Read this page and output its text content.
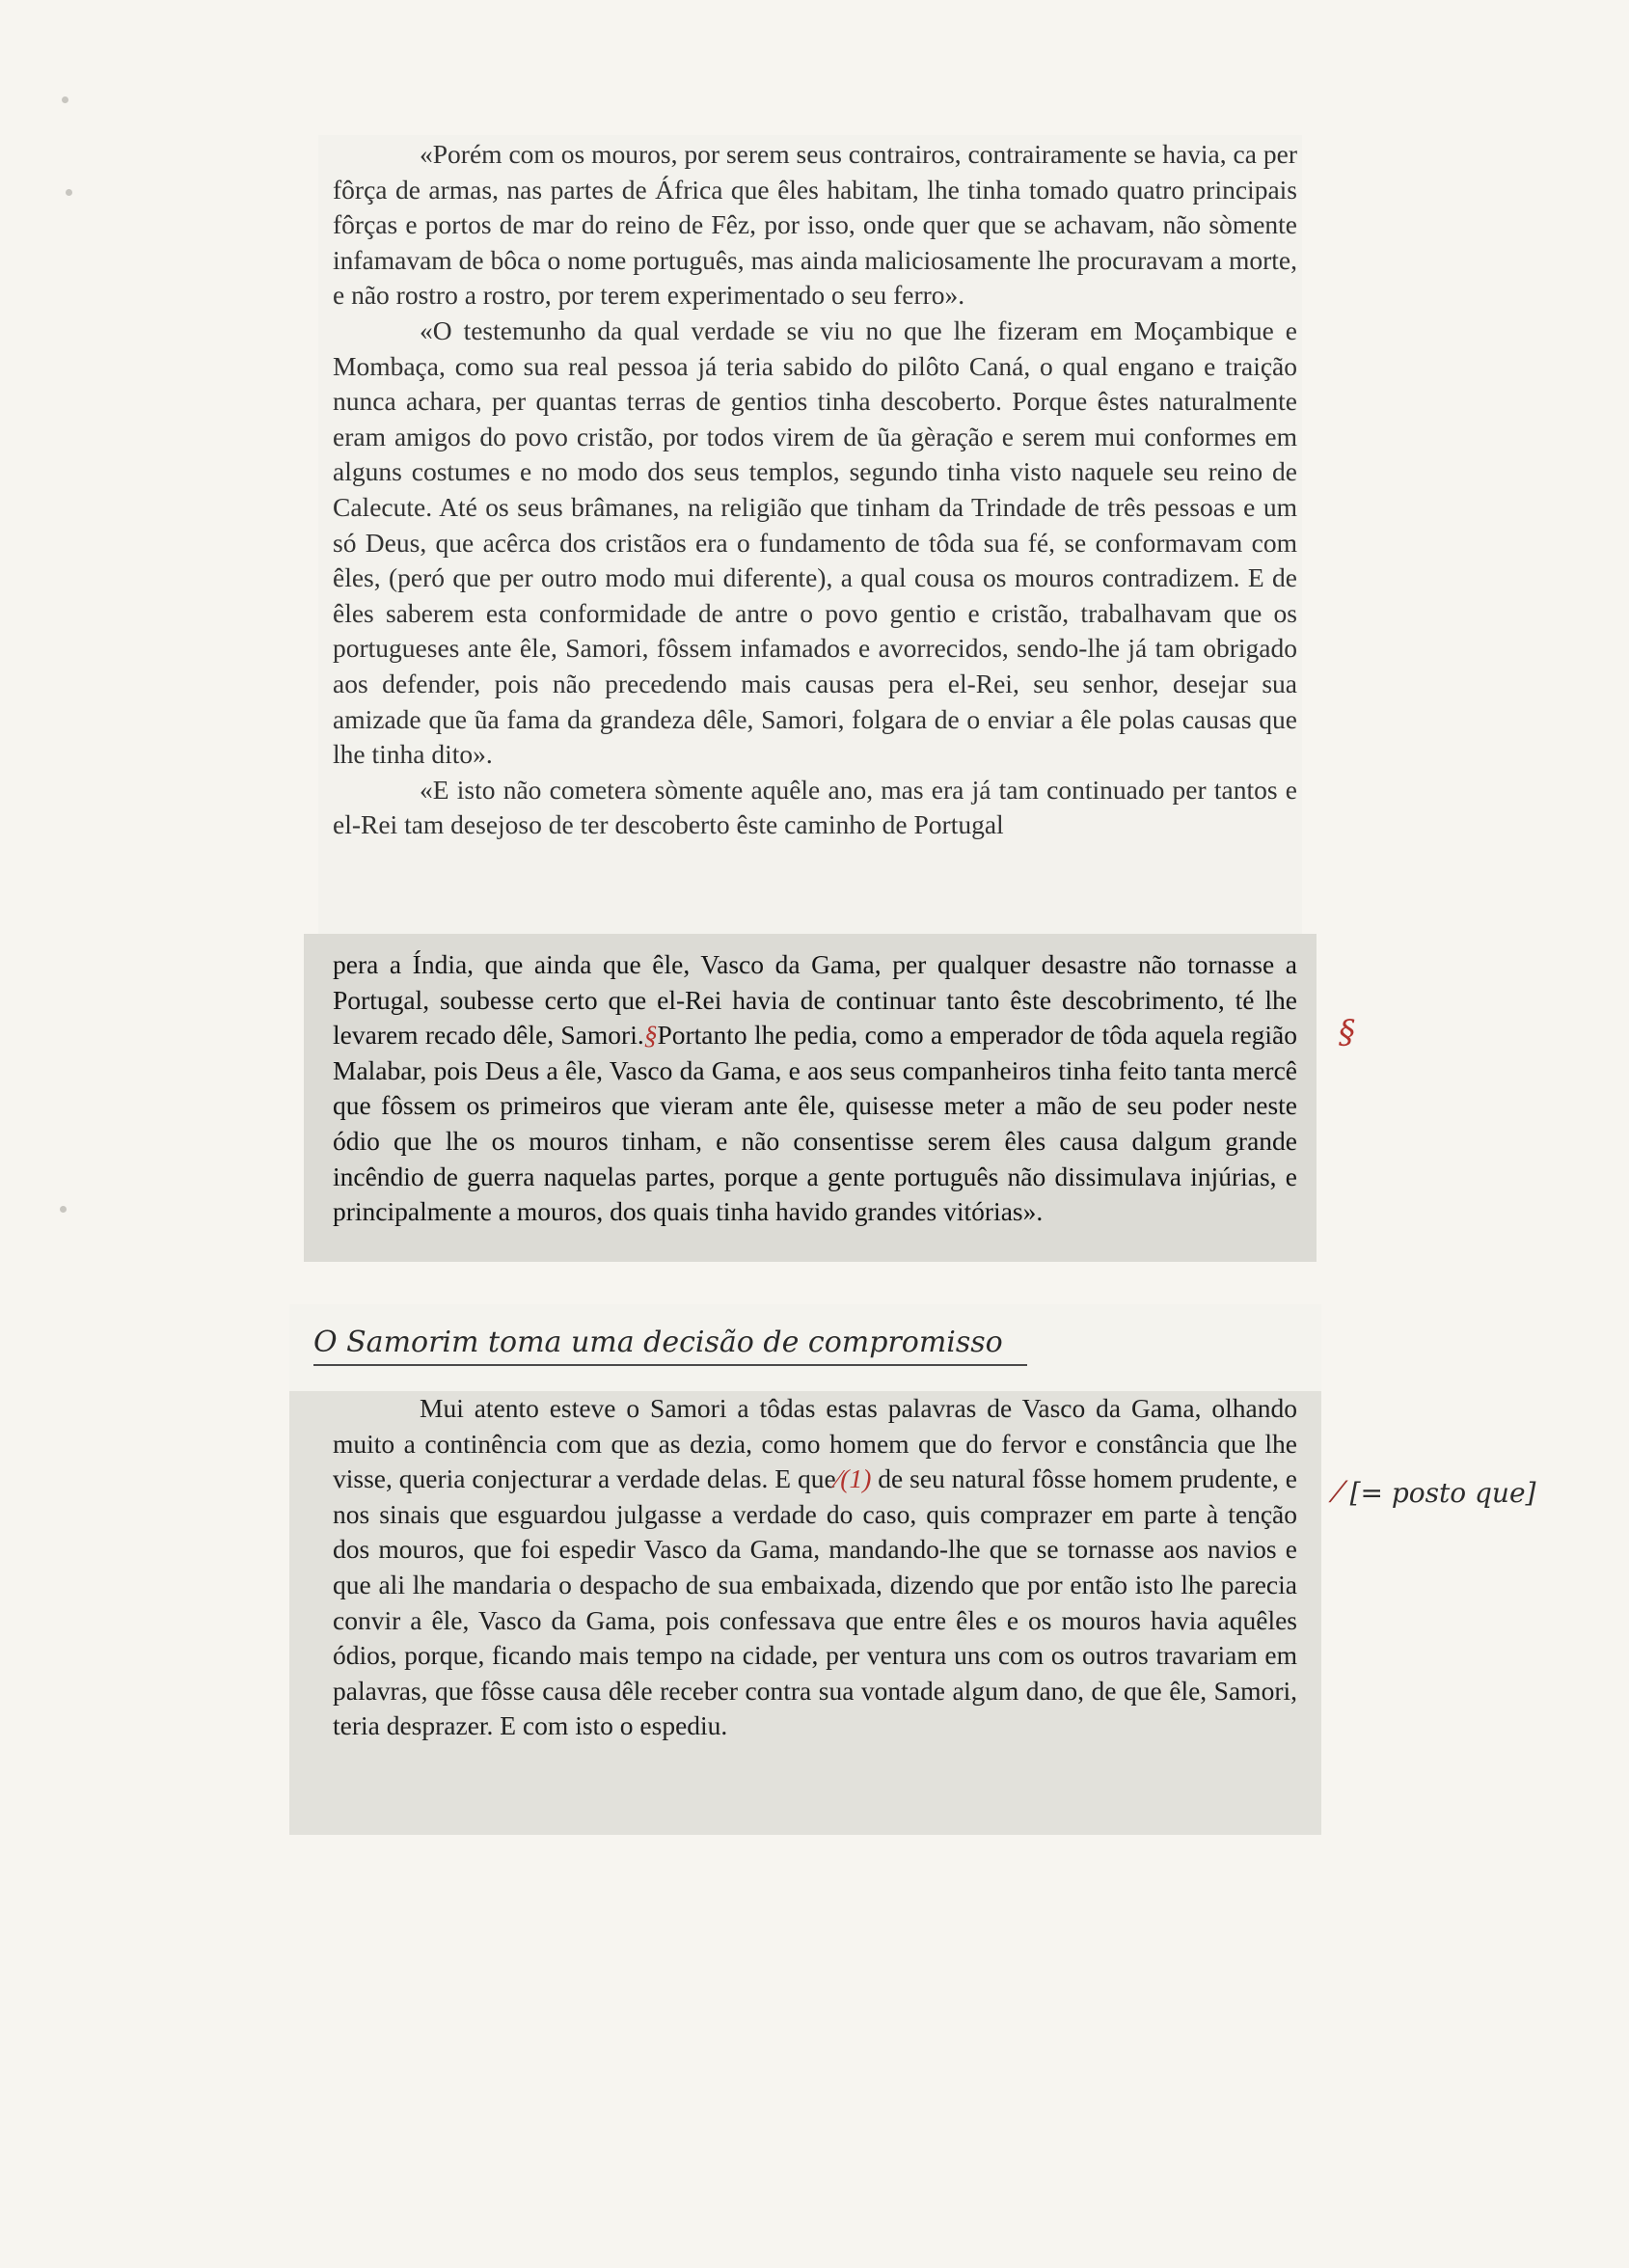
«Porém com os mouros, por serem seus contrairos, contrairamente se havia, ca per fôrça de armas, nas partes de África que êles habitam, lhe tinha tomado quatro principais fôrças e portos de mar do reino de Fêz, por isso, onde quer que se achavam, não sòmente infamavam de bôca o nome português, mas ainda maliciosamente lhe procuravam a morte, e não rostro a rostro, por terem experimentado o seu ferro».
«O testemunho da qual verdade se viu no que lhe fizeram em Moçambique e Mombaça, como sua real pessoa já teria sabido do pilôto Caná, o qual engano e traição nunca achara, per quantas terras de gentios tinha descoberto. Porque êstes naturalmente eram amigos do povo cristão, por todos virem de ũa gèração e serem mui conformes em alguns costumes e no modo dos seus templos, segundo tinha visto naquele seu reino de Calecute. Até os seus brâmanes, na religião que tinham da Trindade de três pessoas e um só Deus, que acêrca dos cristãos era o fundamento de tôda sua fé, se conformavam com êles, (peró que per outro modo mui diferente), a qual cousa os mouros contradizem. E de êles saberem esta conformidade de antre o povo gentio e cristão, trabalhavam que os portugueses ante êle, Samori, fôssem infamados e avorrecidos, sendo-lhe já tam obrigado aos defender, pois não precedendo mais causas pera el-Rei, seu senhor, desejar sua amizade que ũa fama da grandeza dêle, Samori, folgara de o enviar a êle polas causas que lhe tinha dito».
«E isto não cometera sòmente aquêle ano, mas era já tam continuado per tantos e el-Rei tam desejoso de ter descoberto êste caminho de Portugal
pera a Índia, que ainda que êle, Vasco da Gama, per qualquer desastre não tornasse a Portugal, soubesse certo que el-Rei havia de continuar tanto êste descobrimento, té lhe levarem recado dêle, Samori.§Portanto lhe pedia, como a emperador de tôda aquela região Malabar, pois Deus a êle, Vasco da Gama, e aos seus companheiros tinha feito tanta mercê que fôssem os primeiros que vieram ante êle, quisesse meter a mão de seu poder neste ódio que lhe os mouros tinham, e não consentisse serem êles causa dalgum grande incêndio de guerra naquelas partes, porque a gente português não dissimulava injúrias, e principalmente a mouros, dos quais tinha havido grandes vitórias».
§
O Samorim toma uma decisão de compromisso
Mui atento esteve o Samori a tôdas estas palavras de Vasco da Gama, olhando muito a continência com que as dezia, como homem que do fervor e constância que lhe visse, queria conjecturar a verdade delas. E que⁄(1) de seu natural fôsse homem prudente, e nos sinais que esguardou julgasse a verdade do caso, quis comprazer em parte à tenção dos mouros, que foi espedir Vasco da Gama, mandando-lhe que se tornasse aos navios e que ali lhe mandaria o despacho de sua embaixada, dizendo que por então isto lhe parecia convir a êle, Vasco da Gama, pois confessava que entre êles e os mouros havia aquêles ódios, porque, ficando mais tempo na cidade, per ventura uns com os outros travariam em palavras, que fôsse causa dêle receber contra sua vontade algum dano, de que êle, Samori, teria desprazer. E com isto o espediu.
⁄ [= posto que]
